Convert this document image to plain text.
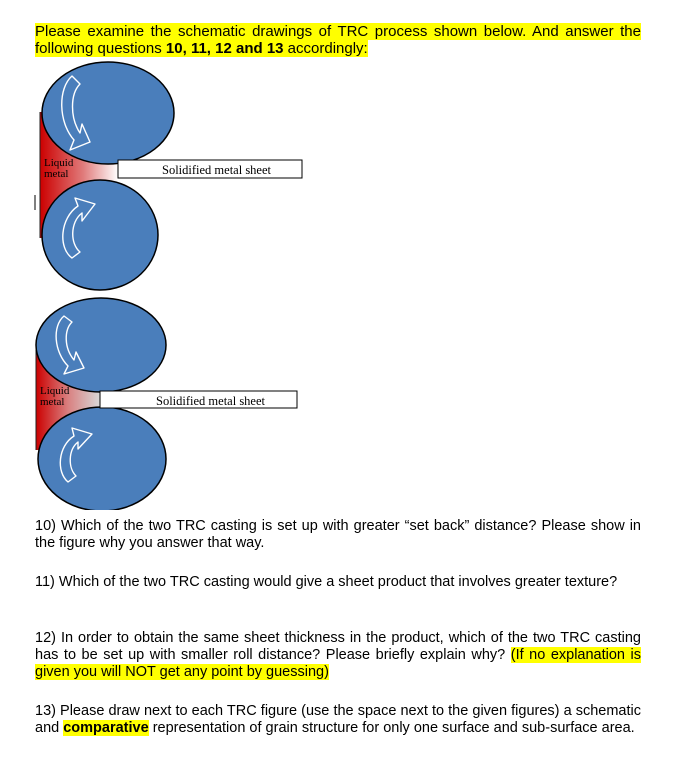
Please examine the schematic drawings of TRC process shown below. And answer the following questions 10, 11, 12 and 13 accordingly:
Liquid
metal	Solidified metal sheet
Liquid
metal	Solidified metal sheet
10) Which of the two TRC casting is set up with greater “set back” distance? Please show in the figure why you answer that way.
11) Which of the two TRC casting would give a sheet product that involves greater texture?
12) In order to obtain the same sheet thickness in the product, which of the two TRC casting has to be set up with smaller roll distance? Please briefly explain why? (If no explanation is given you will NOT get any point by guessing)
13) Please draw next to each TRC figure (use the space next to the given figures) a schematic and comparative representation of grain structure for only one surface and sub-surface area.
